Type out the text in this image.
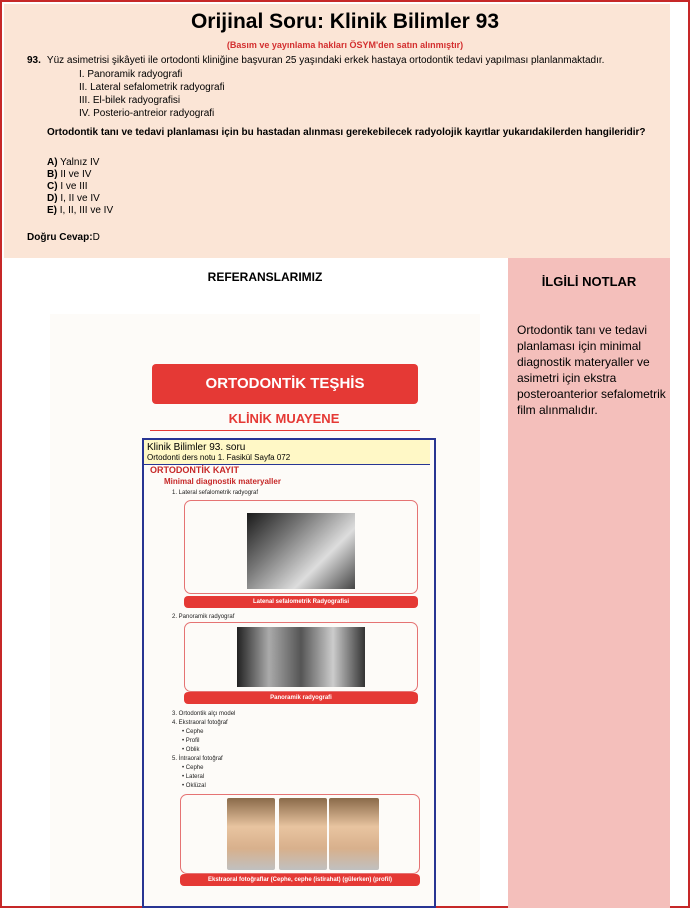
Orijinal Soru: Klinik Bilimler 93
(Basım ve yayınlama hakları ÖSYM'den satın alınmıştır)
93. Yüz asimetrisi şikâyeti ile ortodonti kliniğine başvuran 25 yaşındaki erkek hastaya ortodontik tedavi yapılması planlanmaktadır.
I. Panoramik radyografi
II. Lateral sefalometrik radyografi
III. El-bilek radyografisi
IV. Posterio-antreior radyografi
Ortodontik tanı ve tedavi planlaması için bu hastadan alınması gerekebilecek radyolojik kayıtlar yukarıdakilerden hangileridir?
A) Yalnız IV
B) II ve IV
C) I ve III
D) I, II ve IV
E) I, II, III ve IV
Doğru Cevap:D
REFERANSLARIMIZ
ORTODONTİK TEŞHİS
KLİNİK MUAYENE
Klinik Bilimler 93. soru
Ortodonti ders notu 1. Fasikül Sayfa 072
ORTODONTİK KAYIT
Minimal diagnostik materyaller
1. Lateral sefalometrik radyograf
Latenal sefalometrik Radyografisi
2. Panoramik radyograf
Panoramik radyografi
3. Ortodontik alçı model
4. Ekstraoral fotoğraf
• Cephe
• Profil
• Oblik
5. İntraoral fotoğraf
• Cephe
• Lateral
• Oklüzal
Ekstraoral fotoğraflar (Cephe, cephe (istirahat) (gülerken) (profil)
İLGİLİ NOTLAR
Ortodontik tanı ve tedavi planlaması için minimal diagnostik materyaller ve asimetri için ekstra posteroanterior sefalometrik film alınmalıdır.
